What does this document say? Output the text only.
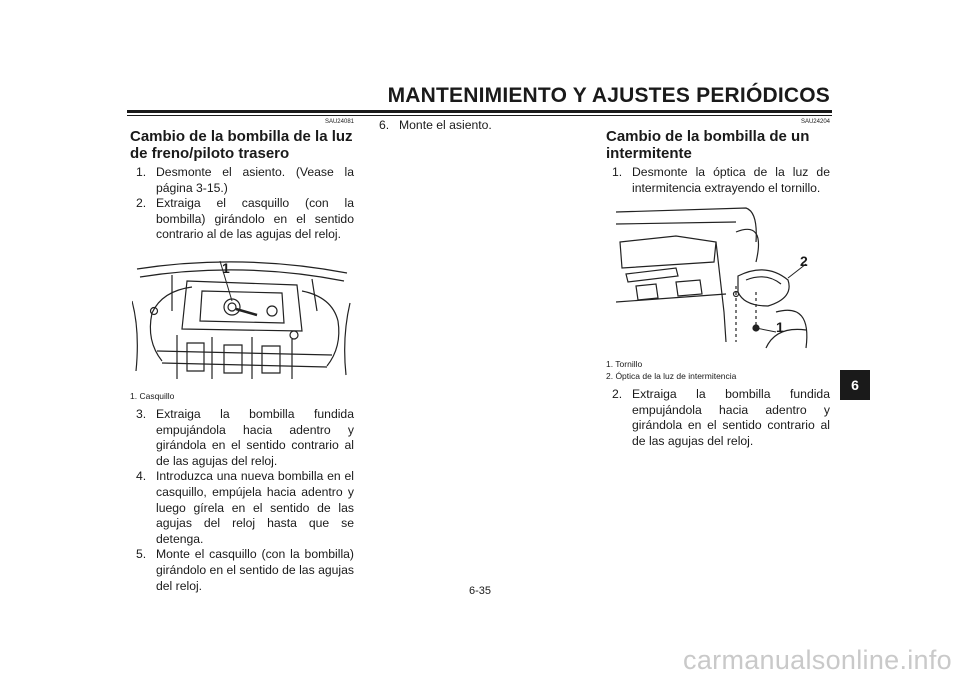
MANTENIMIENTO Y AJUSTES PERIÓDICOS
SAU24081
Cambio de la bombilla de la luz de freno/piloto trasero
1. Desmonte el asiento. (Vease la página 3-15.)
2. Extraiga el casquillo (con la bombilla) girándolo en el sentido contrario al de las agujas del reloj.
1
1. Casquillo
3. Extraiga la bombilla fundida empujándola hacia adentro y girándola en el sentido contrario al de las agujas del reloj.
4. Introduzca una nueva bombilla en el casquillo, empújela hacia adentro y luego gírela en el sentido de las agujas del reloj hasta que se detenga.
5. Monte el casquillo (con la bombilla) girándolo en el sentido de las agujas del reloj.
6. Monte el asiento.	SAU24204
Cambio de la bombilla de un intermitente
1. Desmonte la óptica de la luz de intermitencia extrayendo el tornillo.
2
1
1. Tornillo
2. Óptica de la luz de intermitencia
2. Extraiga la bombilla fundida empujándola hacia adentro y girándola en el sentido contrario al de las agujas del reloj.
6
6-35
carmanualsonline.info
